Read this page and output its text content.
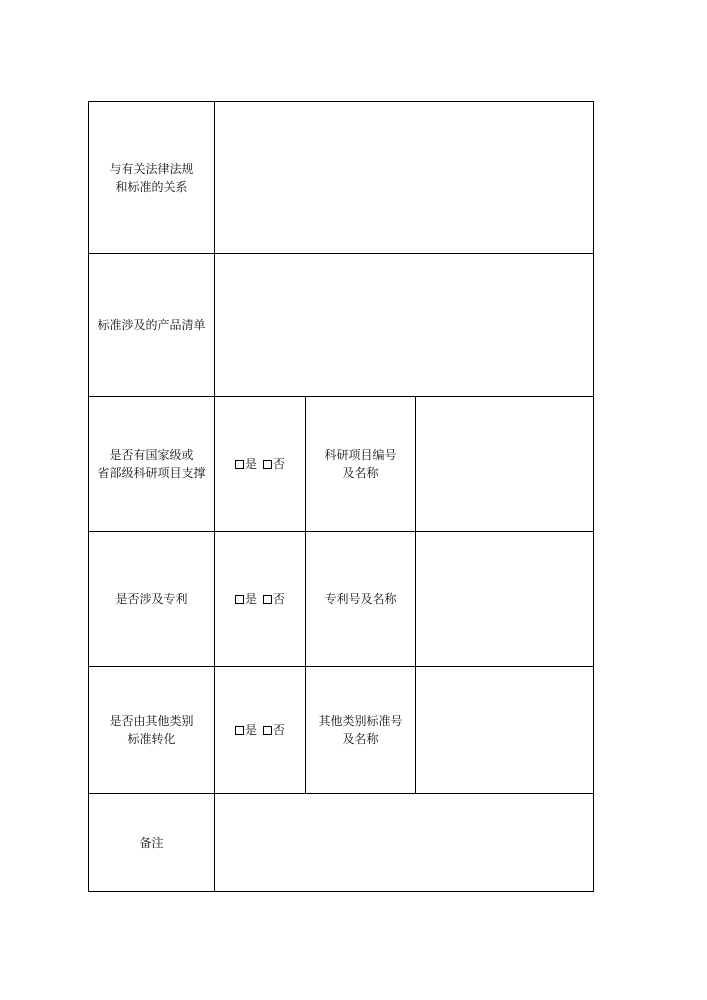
与有关法律法规
和标准的关系
标准涉及的产品清单
是否有国家级或
省部级科研项目支撑
是 否
科研项目编号
及名称
是否涉及专利	是 否	专利号及名称
是否由其他类别
标准转化
是 否
其他类别标准号
及名称
备注
